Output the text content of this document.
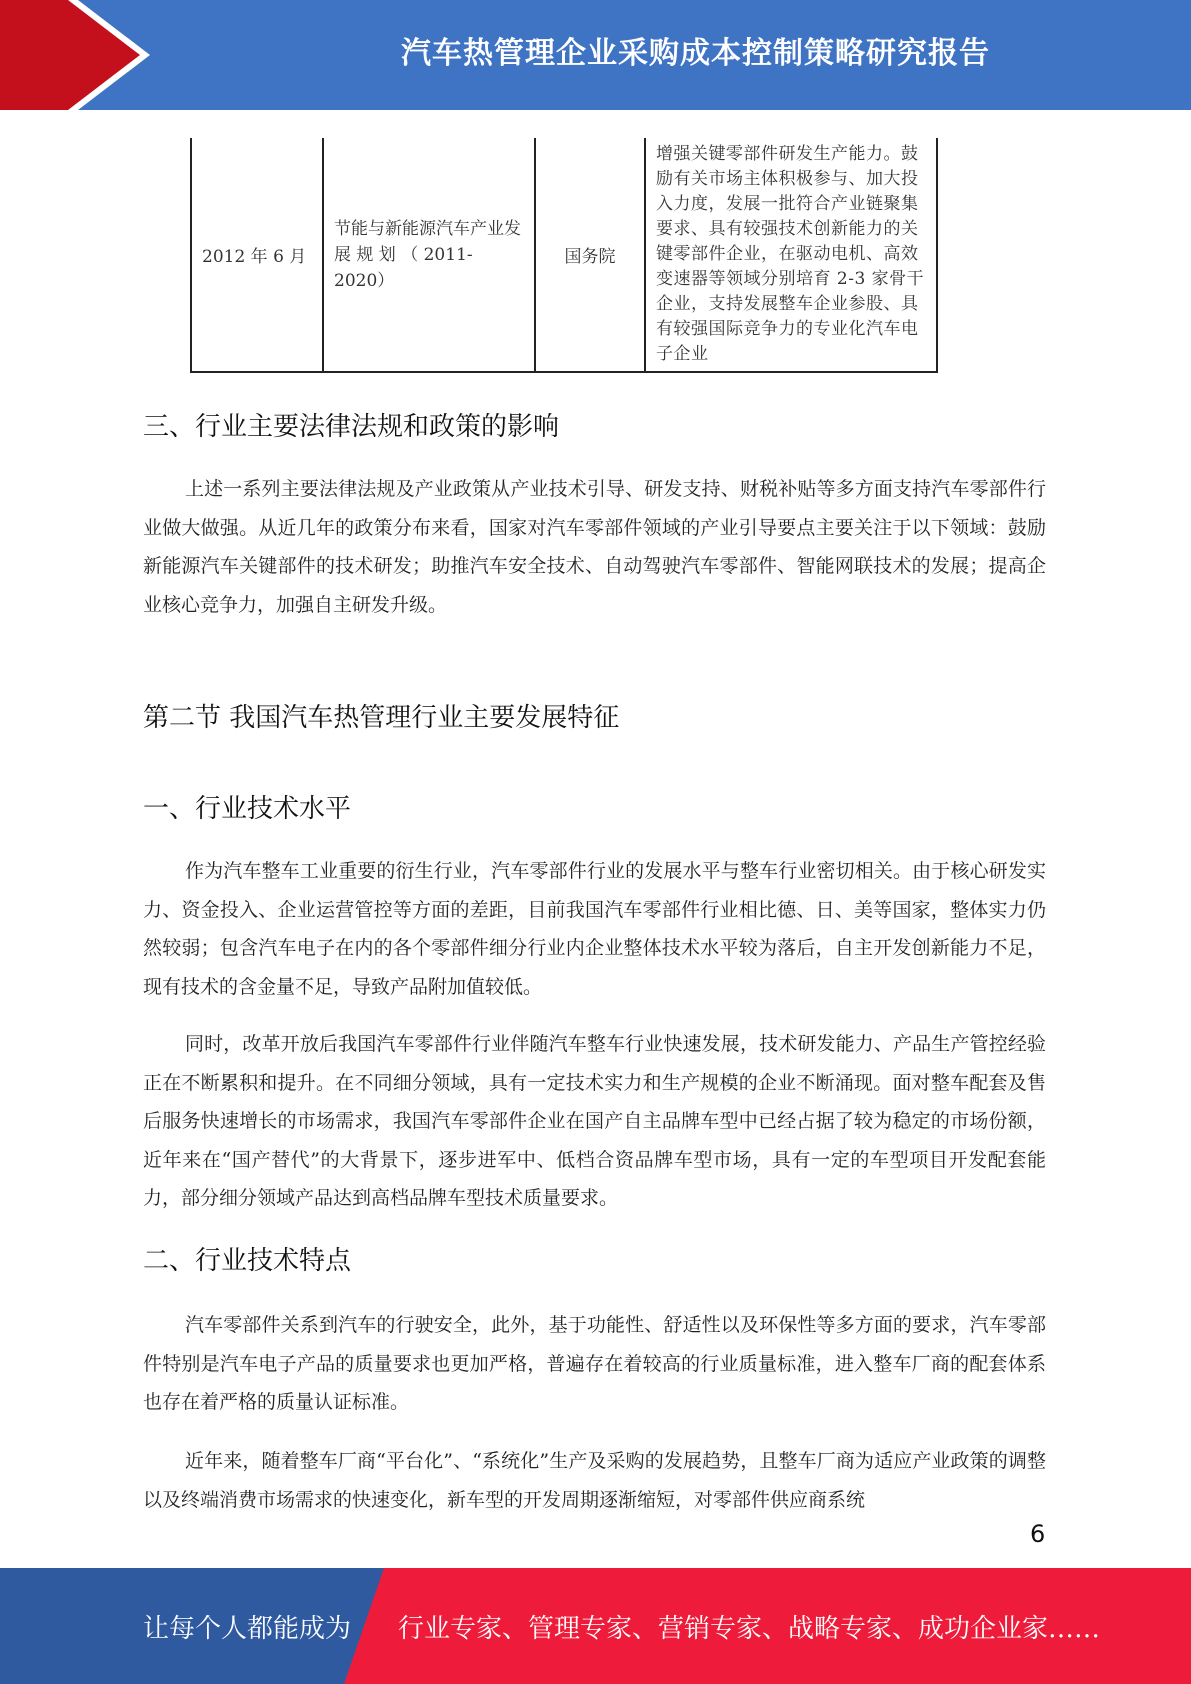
汽车热管理企业采购成本控制策略研究报告
2012 年 6 月	节能与新能源汽车产业发 展 规 划 （ 2011-2020）	国务院	增强关键零部件研发生产能力。鼓励有关市场主体积极参与、加大投入力度，发展一批符合产业链聚集要求、具有较强技术创新能力的关键零部件企业，在驱动电机、高效变速器等领域分别培育 2-3 家骨干企业，支持发展整车企业参股、具有较强国际竞争力的专业化汽车电子企业
三、行业主要法律法规和政策的影响

上述一系列主要法律法规及产业政策从产业技术引导、研发支持、财税补贴等多方面支持汽车零部件行业做大做强。从近几年的政策分布来看，国家对汽车零部件领域的产业引导要点主要关注于以下领域：鼓励新能源汽车关键部件的技术研发；助推汽车安全技术、自动驾驶汽车零部件、智能网联技术的发展；提高企业核心竞争力，加强自主研发升级。

第二节 我国汽车热管理行业主要发展特征
一、行业技术水平

作为汽车整车工业重要的衍生行业，汽车零部件行业的发展水平与整车行业密切相关。由于核心研发实力、资金投入、企业运营管控等方面的差距，目前我国汽车零部件行业相比德、日、美等国家，整体实力仍然较弱；包含汽车电子在内的各个零部件细分行业内企业整体技术水平较为落后，自主开发创新能力不足，现有技术的含金量不足，导致产品附加值较低。

同时，改革开放后我国汽车零部件行业伴随汽车整车行业快速发展，技术研发能力、产品生产管控经验正在不断累积和提升。在不同细分领域，具有一定技术实力和生产规模的企业不断涌现。面对整车配套及售后服务快速增长的市场需求，我国汽车零部件企业在国产自主品牌车型中已经占据了较为稳定的市场份额，近年来在“国产替代”的大背景下，逐步进军中、低档合资品牌车型市场，具有一定的车型项目开发配套能力，部分细分领域产品达到高档品牌车型技术质量要求。

二、行业技术特点

汽车零部件关系到汽车的行驶安全，此外，基于功能性、舒适性以及环保性等多方面的要求，汽车零部件特别是汽车电子产品的质量要求也更加严格，普遍存在着较高的行业质量标准，进入整车厂商的配套体系也存在着严格的质量认证标准。

近年来，随着整车厂商“平台化”、“系统化”生产及采购的发展趋势，且整车厂商为适应产业政策的调整以及终端消费市场需求的快速变化，新车型的开发周期逐渐缩短，对零部件供应商系统

6
让每个人都能成为 行业专家、管理专家、营销专家、战略专家、成功企业家……
